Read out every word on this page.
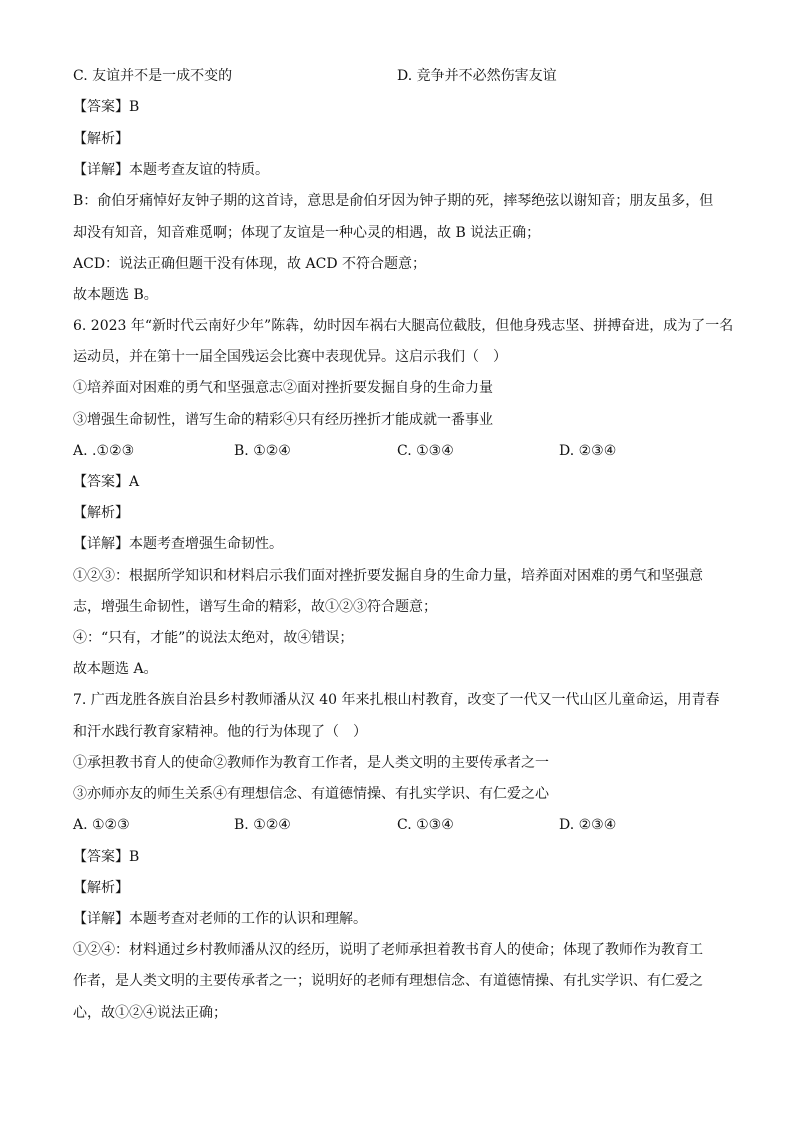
C. 友谊并不是一成不变的	D. 竞争并不必然伤害友谊
【答案】B
【解析】
【详解】本题考查友谊的特质。
B：俞伯牙痛悼好友钟子期的这首诗，意思是俞伯牙因为钟子期的死，摔琴绝弦以谢知音；朋友虽多，但
却没有知音，知音难觅啊；体现了友谊是一种心灵的相遇，故 B 说法正确；
ACD：说法正确但题干没有体现，故 ACD 不符合题意；
故本题选 B。
6. 2023 年“新时代云南好少年”陈犇，幼时因车祸右大腿高位截肢，但他身残志坚、拼搏奋进，成为了一名
运动员，并在第十一届全国残运会比赛中表现优异。这启示我们（　）
①培养面对困难的勇气和坚强意志②面对挫折要发掘自身的生命力量
③增强生命韧性，谱写生命的精彩④只有经历挫折才能成就一番事业
A. .①②③	B. ①②④	C. ①③④	D. ②③④
【答案】A
【解析】
【详解】本题考查增强生命韧性。
①②③：根据所学知识和材料启示我们面对挫折要发掘自身的生命力量，培养面对困难的勇气和坚强意
志，增强生命韧性，谱写生命的精彩，故①②③符合题意；
④：“只有，才能”的说法太绝对，故④错误；
故本题选 A。
7. 广西龙胜各族自治县乡村教师潘从汉 40 年来扎根山村教育，改变了一代又一代山区儿童命运，用青春
和汗水践行教育家精神。他的行为体现了（　）
①承担教书育人的使命②教师作为教育工作者，是人类文明的主要传承者之一
③亦师亦友的师生关系④有理想信念、有道德情操、有扎实学识、有仁爱之心
A. ①②③	B. ①②④	C. ①③④	D. ②③④
【答案】B
【解析】
【详解】本题考查对老师的工作的认识和理解。
①②④：材料通过乡村教师潘从汉的经历，说明了老师承担着教书育人的使命；体现了教师作为教育工
作者，是人类文明的主要传承者之一；说明好的老师有理想信念、有道德情操、有扎实学识、有仁爱之
心，故①②④说法正确；
